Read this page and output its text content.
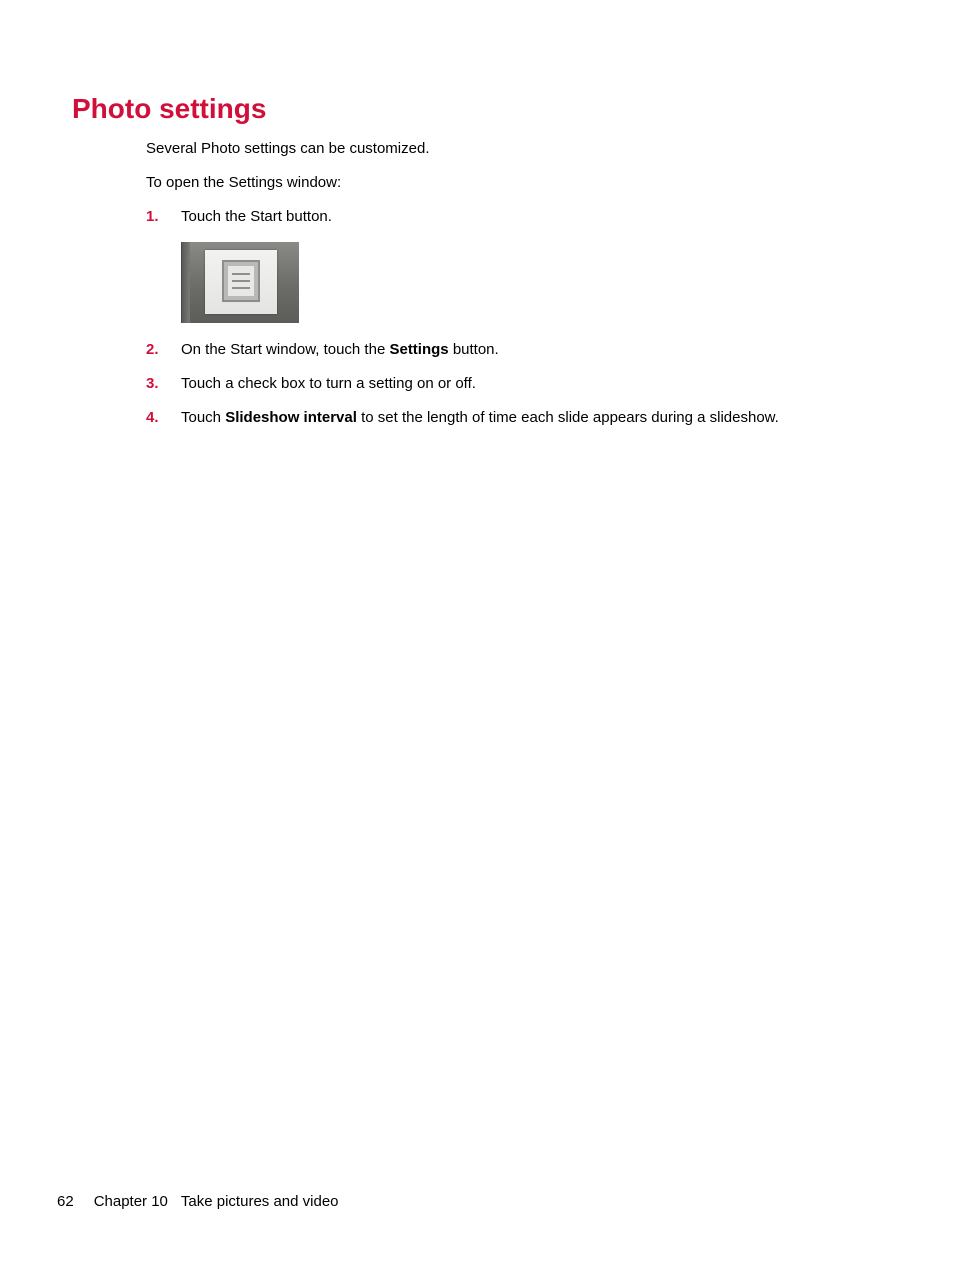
Photo settings

Several Photo settings can be customized.

To open the Settings window:

1. Touch the Start button.
2. On the Start window, touch the Settings button.
3. Touch a check box to turn a setting on or off.
4. Touch Slideshow interval to set the length of time each slide appears during a slideshow.
62 Chapter 10 Take pictures and video
